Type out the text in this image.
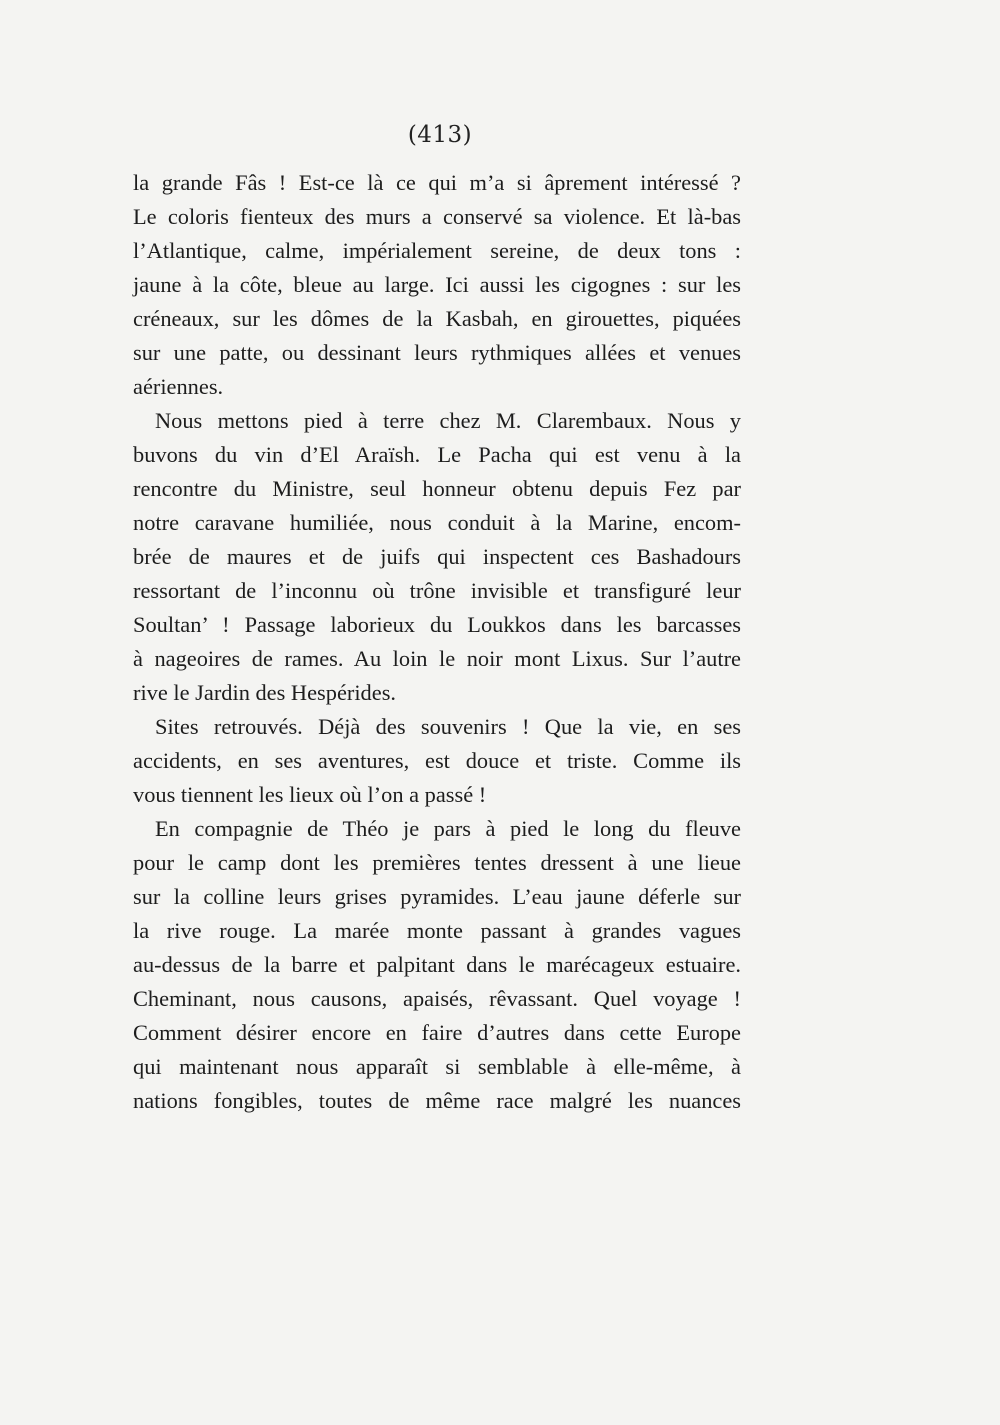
(413)
la grande Fâs ! Est-ce là ce qui m’a si âprement intéressé ?
Le coloris fienteux des murs a conservé sa violence. Et là-bas
l’Atlantique, calme, impérialement sereine, de deux tons :
jaune à la côte, bleue au large. Ici aussi les cigognes : sur les
créneaux, sur les dômes de la Kasbah, en girouettes, piquées
sur une patte, ou dessinant leurs rythmiques allées et venues
aériennes.
Nous mettons pied à terre chez M. Clarembaux. Nous y
buvons du vin d’El Araïsh. Le Pacha qui est venu à la
rencontre du Ministre, seul honneur obtenu depuis Fez par
notre caravane humiliée, nous conduit à la Marine, encom-
brée de maures et de juifs qui inspectent ces Bashadours
ressortant de l’inconnu où trône invisible et transfiguré leur
Soultan’ ! Passage laborieux du Loukkos dans les barcasses
à nageoires de rames. Au loin le noir mont Lixus. Sur l’autre
rive le Jardin des Hespérides.
Sites retrouvés. Déjà des souvenirs ! Que la vie, en ses
accidents, en ses aventures, est douce et triste. Comme ils
vous tiennent les lieux où l’on a passé !
En compagnie de Théo je pars à pied le long du fleuve
pour le camp dont les premières tentes dressent à une lieue
sur la colline leurs grises pyramides. L’eau jaune déferle sur
la rive rouge. La marée monte passant à grandes vagues
au-dessus de la barre et palpitant dans le marécageux estuaire.
Cheminant, nous causons, apaisés, rêvassant. Quel voyage !
Comment désirer encore en faire d’autres dans cette Europe
qui maintenant nous apparaît si semblable à elle-même, à
nations fongibles, toutes de même race malgré les nuances
